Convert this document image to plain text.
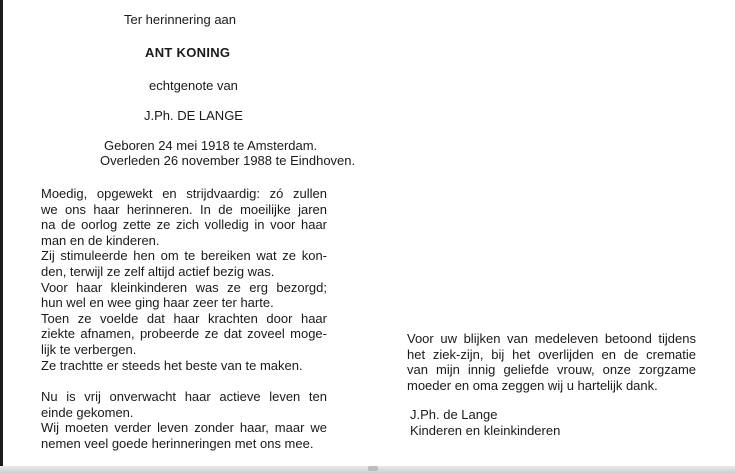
Ter herinnering aan
ANT KONING
echtgenote van
J.Ph. DE LANGE
Geboren 24 mei 1918 te Amsterdam.
Overleden 26 november 1988 te Eindhoven.
Moedig, opgewekt en strijdvaardig: zó zullen
we ons haar herinneren. In de moeilijke jaren
na de oorlog zette ze zich volledig in voor haar
man en de kinderen.
Zij stimuleerde hen om te bereiken wat ze kon-
den, terwijl ze zelf altijd actief bezig was.
Voor haar kleinkinderen was ze erg bezorgd;
hun wel en wee ging haar zeer ter harte.
Toen ze voelde dat haar krachten door haar
ziekte afnamen, probeerde ze dat zoveel moge-
lijk te verbergen.
Ze trachtte er steeds het beste van te maken.
Nu is vrij onverwacht haar actieve leven ten
einde gekomen.
Wij moeten verder leven zonder haar, maar we
nemen veel goede herinneringen met ons mee.
Voor uw blijken van medeleven betoond tijdens
het ziek-zijn, bij het overlijden en de crematie
van mijn innig geliefde vrouw, onze zorgzame
moeder en oma zeggen wij u hartelijk dank.
J.Ph. de Lange
Kinderen en kleinkinderen
